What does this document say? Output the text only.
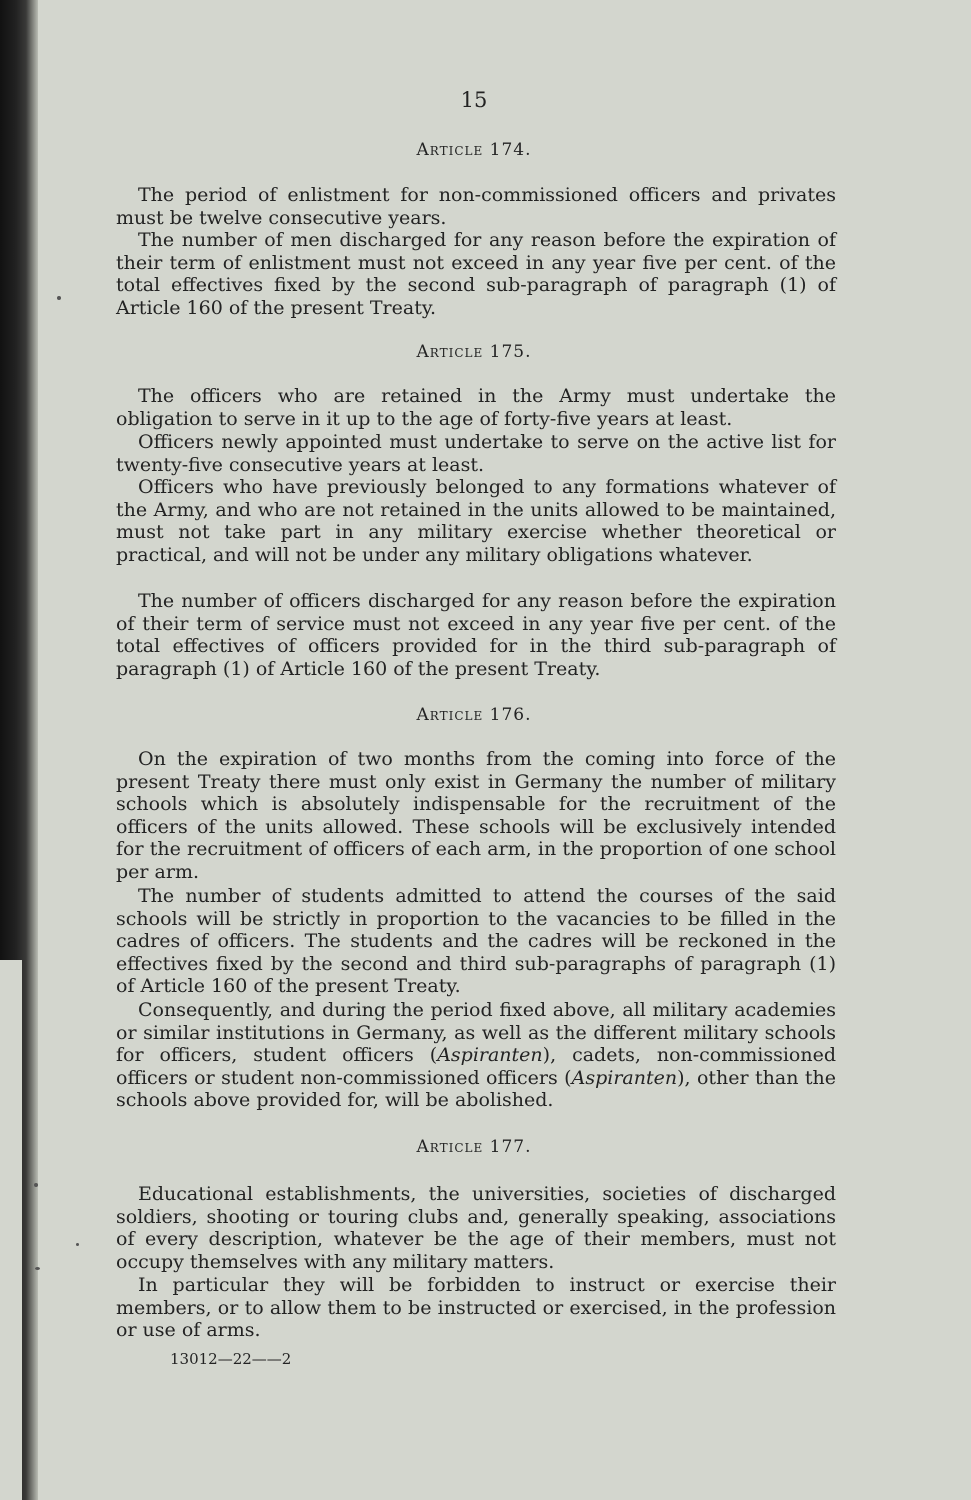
15
Article 174.

The period of enlistment for non-commissioned officers and privates must be twelve consecutive years.

The number of men discharged for any reason before the expiration of their term of enlistment must not exceed in any year five per cent. of the total effectives fixed by the second sub-paragraph of paragraph (1) of Article 160 of the present Treaty.

Article 175.

The officers who are retained in the Army must undertake the obligation to serve in it up to the age of forty-five years at least.

Officers newly appointed must undertake to serve on the active list for twenty-five consecutive years at least.

Officers who have previously belonged to any formations whatever of the Army, and who are not retained in the units allowed to be maintained, must not take part in any military exercise whether theoretical or practical, and will not be under any military obligations whatever.

The number of officers discharged for any reason before the expiration of their term of service must not exceed in any year five per cent. of the total effectives of officers provided for in the third sub-paragraph of paragraph (1) of Article 160 of the present Treaty.

Article 176.

On the expiration of two months from the coming into force of the present Treaty there must only exist in Germany the number of military schools which is absolutely indispensable for the recruitment of the officers of the units allowed. These schools will be exclusively intended for the recruitment of officers of each arm, in the proportion of one school per arm.

The number of students admitted to attend the courses of the said schools will be strictly in proportion to the vacancies to be filled in the cadres of officers. The students and the cadres will be reckoned in the effectives fixed by the second and third sub-paragraphs of paragraph (1) of Article 160 of the present Treaty.

Consequently, and during the period fixed above, all military academies or similar institutions in Germany, as well as the different military schools for officers, student officers (Aspiranten), cadets, non-commissioned officers or student non-commissioned officers (Aspiranten), other than the schools above provided for, will be abolished.

Article 177.

Educational establishments, the universities, societies of discharged soldiers, shooting or touring clubs and, generally speaking, associations of every description, whatever be the age of their members, must not occupy themselves with any military matters.

In particular they will be forbidden to instruct or exercise their members, or to allow them to be instructed or exercised, in the profession or use of arms.

13012—22——2
